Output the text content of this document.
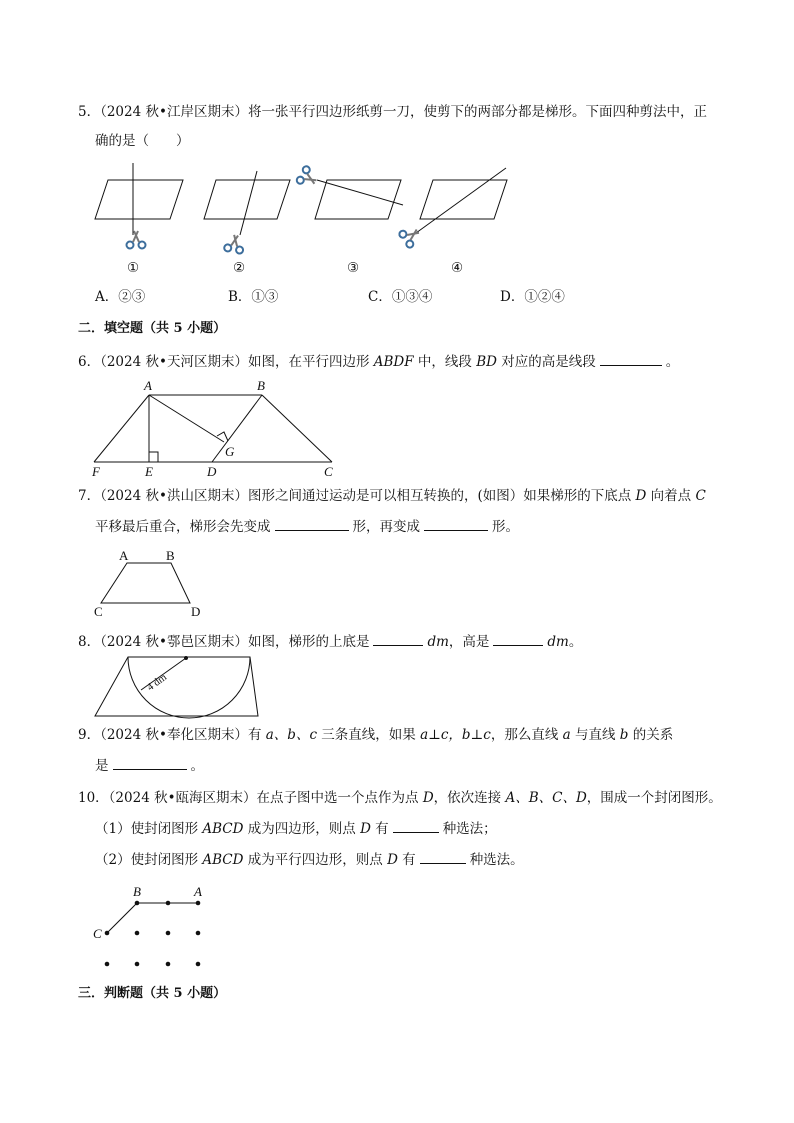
5．（2024 秋•江岸区期末）将一张平行四边形纸剪一刀，使剪下的两部分都是梯形。下面四种剪法中，正
确的是（　　）
①	②	③	④
A．②③	B．①③	C．①③④	D．①②④
二．填空题（共 5 小题）
6．（2024 秋•天河区期末）如图，在平行四边形 ABDF 中，线段 BD 对应的高是线段	。
A	B
F	E	D	C
G
7．（2024 秋•洪山区期末）图形之间通过运动是可以相互转换的，(如图）如果梯形的下底点 D 向着点 C
平移最后重合，梯形会先变成	形，再变成	形。
A	B
C	D
8．（2024 秋•鄠邑区期末）如图，梯形的上底是	dm，高是	dm。
4 dm
9．（2024 秋•奉化区期末）有 a、b、c 三条直线，如果 a⊥c，b⊥c，那么直线 a 与直线 b 的关系
是	。
10．（2024 秋•瓯海区期末）在点子图中选一个点作为点 D，依次连接 A、B、C、D，围成一个封闭图形。
（1）使封闭图形 ABCD 成为四边形，则点 D 有	种选法；
（2）使封闭图形 ABCD 成为平行四边形，则点 D 有	种选法。
B	A
C
三．判断题（共 5 小题）
